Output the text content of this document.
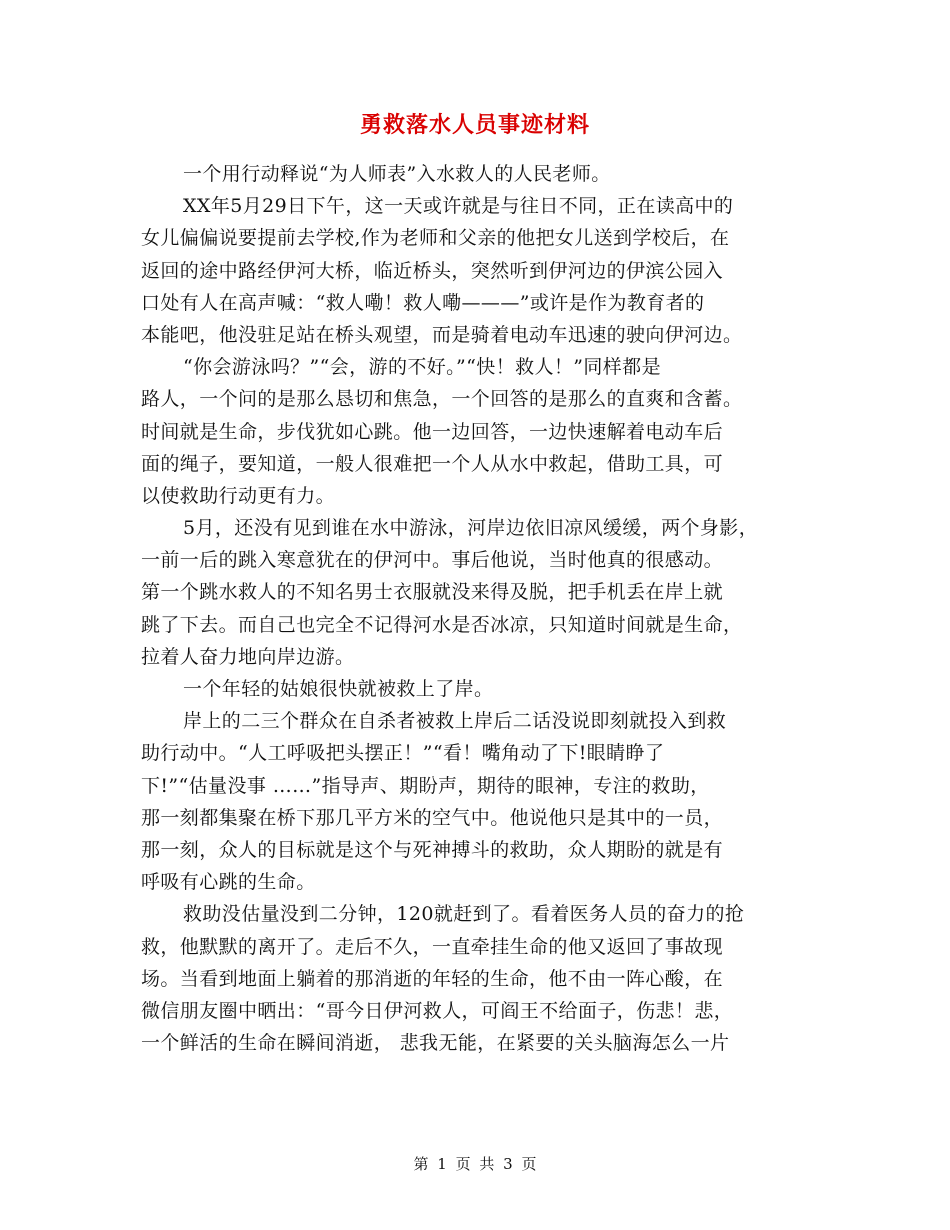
勇救落水人员事迹材料
一个用行动释说“为人师表”入水救人的人民老师。
XX年5月29日下午，这一天或许就是与往日不同，正在读高中的
女儿偏偏说要提前去学校,作为老师和父亲的他把女儿送到学校后，在
返回的途中路经伊河大桥，临近桥头，突然听到伊河边的伊滨公园入
口处有人在高声喊：“救人嘞！救人嘞———”或许是作为教育者的
本能吧，他没驻足站在桥头观望，而是骑着电动车迅速的驶向伊河边。
“你会游泳吗？”“会，游的不好。”“快！救人！”同样都是
路人，一个问的是那么恳切和焦急，一个回答的是那么的直爽和含蓄。
时间就是生命，步伐犹如心跳。他一边回答，一边快速解着电动车后
面的绳子，要知道，一般人很难把一个人从水中救起，借助工具，可
以使救助行动更有力。
5月，还没有见到谁在水中游泳，河岸边依旧凉风缓缓，两个身影，
一前一后的跳入寒意犹在的伊河中。事后他说，当时他真的很感动。
第一个跳水救人的不知名男士衣服就没来得及脱，把手机丢在岸上就
跳了下去。而自己也完全不记得河水是否冰凉，只知道时间就是生命，
拉着人奋力地向岸边游。
一个年轻的姑娘很快就被救上了岸。
岸上的二三个群众在自杀者被救上岸后二话没说即刻就投入到救
助行动中。“人工呼吸把头摆正！”“看！嘴角动了下!眼睛睁了
下!”“估量没事 ……”指导声、期盼声，期待的眼神，专注的救助，
那一刻都集聚在桥下那几平方米的空气中。他说他只是其中的一员，
那一刻，众人的目标就是这个与死神搏斗的救助，众人期盼的就是有
呼吸有心跳的生命。
救助没估量没到二分钟，120就赶到了。看着医务人员的奋力的抢
救，他默默的离开了。走后不久，一直牵挂生命的他又返回了事故现
场。当看到地面上躺着的那消逝的年轻的生命，他不由一阵心酸，在
微信朋友圈中晒出：“哥今日伊河救人，可阎王不给面子，伤悲！悲，
一个鲜活的生命在瞬间消逝， 悲我无能，在紧要的关头脑海怎么一片
第 1 页 共 3 页
